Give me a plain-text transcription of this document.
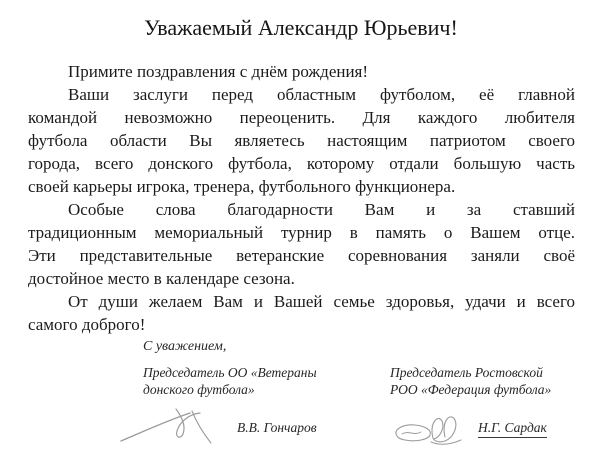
Уважаемый Александр Юрьевич!
Примите поздравления с днём рождения!
Ваши заслуги перед областным футболом, её главной
командой невозможно переоценить. Для каждого любителя
футбола области Вы являетесь настоящим патриотом своего
города, всего донского футбола, которому отдали большую часть
своей карьеры игрока, тренера, футбольного функционера.
Особые слова благодарности Вам и за ставший
традиционным мемориальный турнир в память о Вашем отце.
Эти представительные ветеранские соревнования заняли своё
достойное место в календаре сезона.
От души желаем Вам и Вашей семье здоровья, удачи и всего
самого доброго!
С уважением,
Председатель ОО «Ветераны
донского футбола»
Председатель Ростовской
РОО «Федерация футбола»
В.В. Гончаров	Н.Г. Сардак
